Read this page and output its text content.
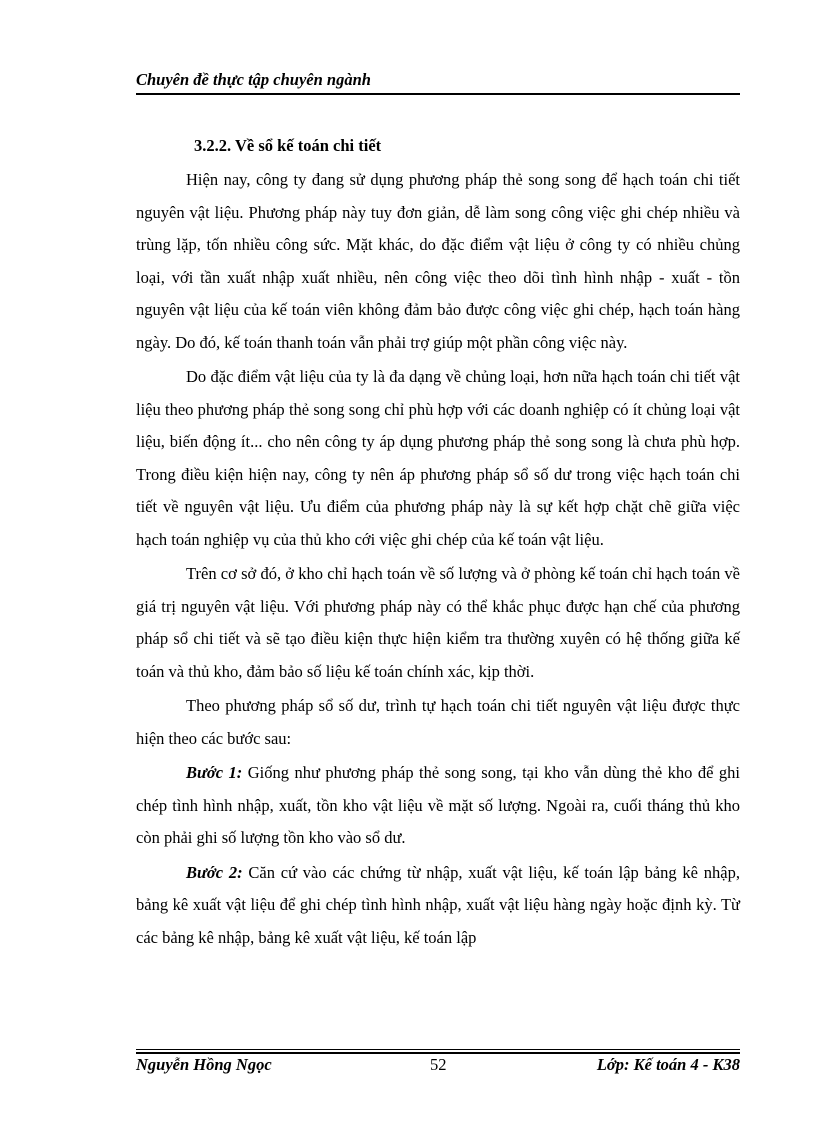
Chuyên đề thực tập chuyên ngành
3.2.2. Về sổ kế toán chi tiết

Hiện nay, công ty đang sử dụng phương pháp thẻ song song để hạch toán chi tiết nguyên vật liệu. Phương pháp này tuy đơn giản, dễ làm song công việc ghi chép nhiều và trùng lặp, tốn nhiều công sức. Mặt khác, do đặc điểm vật liệu ở công ty có nhiều chủng loại, với tần xuất nhập xuất nhiều, nên công việc theo dõi tình hình nhập - xuất - tồn nguyên vật liệu của kế toán viên không đảm bảo được công việc ghi chép, hạch toán hàng ngày. Do đó, kế toán thanh toán vẫn phải trợ giúp một phần công việc này.

Do đặc điểm vật liệu của ty là đa dạng về chủng loại, hơn nữa hạch toán chi tiết vật liệu theo phương pháp thẻ song song chỉ phù hợp với các doanh nghiệp có ít chủng loại vật liệu, biến động ít... cho nên công ty áp dụng phương pháp thẻ song song là chưa phù hợp. Trong điều kiện hiện nay, công ty nên áp phương pháp sổ số dư trong việc hạch toán chi tiết về nguyên vật liệu. Ưu điểm của phương pháp này là sự kết hợp chặt chẽ giữa việc hạch toán nghiệp vụ của thủ kho cới việc ghi chép của kế toán vật liệu.

Trên cơ sở đó, ở kho chỉ hạch toán về số lượng và ở phòng kế toán chỉ hạch toán về giá trị nguyên vật liệu. Với phương pháp này có thể khắc phục được hạn chế của phương pháp sổ chi tiết và sẽ tạo điều kiện thực hiện kiểm tra thường xuyên có hệ thống giữa kế toán và thủ kho, đảm bảo số liệu kế toán chính xác, kịp thời.

Theo phương pháp sổ số dư, trình tự hạch toán chi tiết nguyên vật liệu được thực hiện theo các bước sau:

Bước 1: Giống như phương pháp thẻ song song, tại kho vẫn dùng thẻ kho để ghi chép tình hình nhập, xuất, tồn kho vật liệu về mặt số lượng. Ngoài ra, cuối tháng thủ kho còn phải ghi số lượng tồn kho vào sổ dư.

Bước 2: Căn cứ vào các chứng từ nhập, xuất vật liệu, kế toán lập bảng kê nhập, bảng kê xuất vật liệu để ghi chép tình hình nhập, xuất vật liệu hàng ngày hoặc định kỳ. Từ các bảng kê nhập, bảng kê xuất vật liệu, kế toán lập

Nguyễn Hồng Ngọc	52	Lớp: Kế toán 4 - K38
